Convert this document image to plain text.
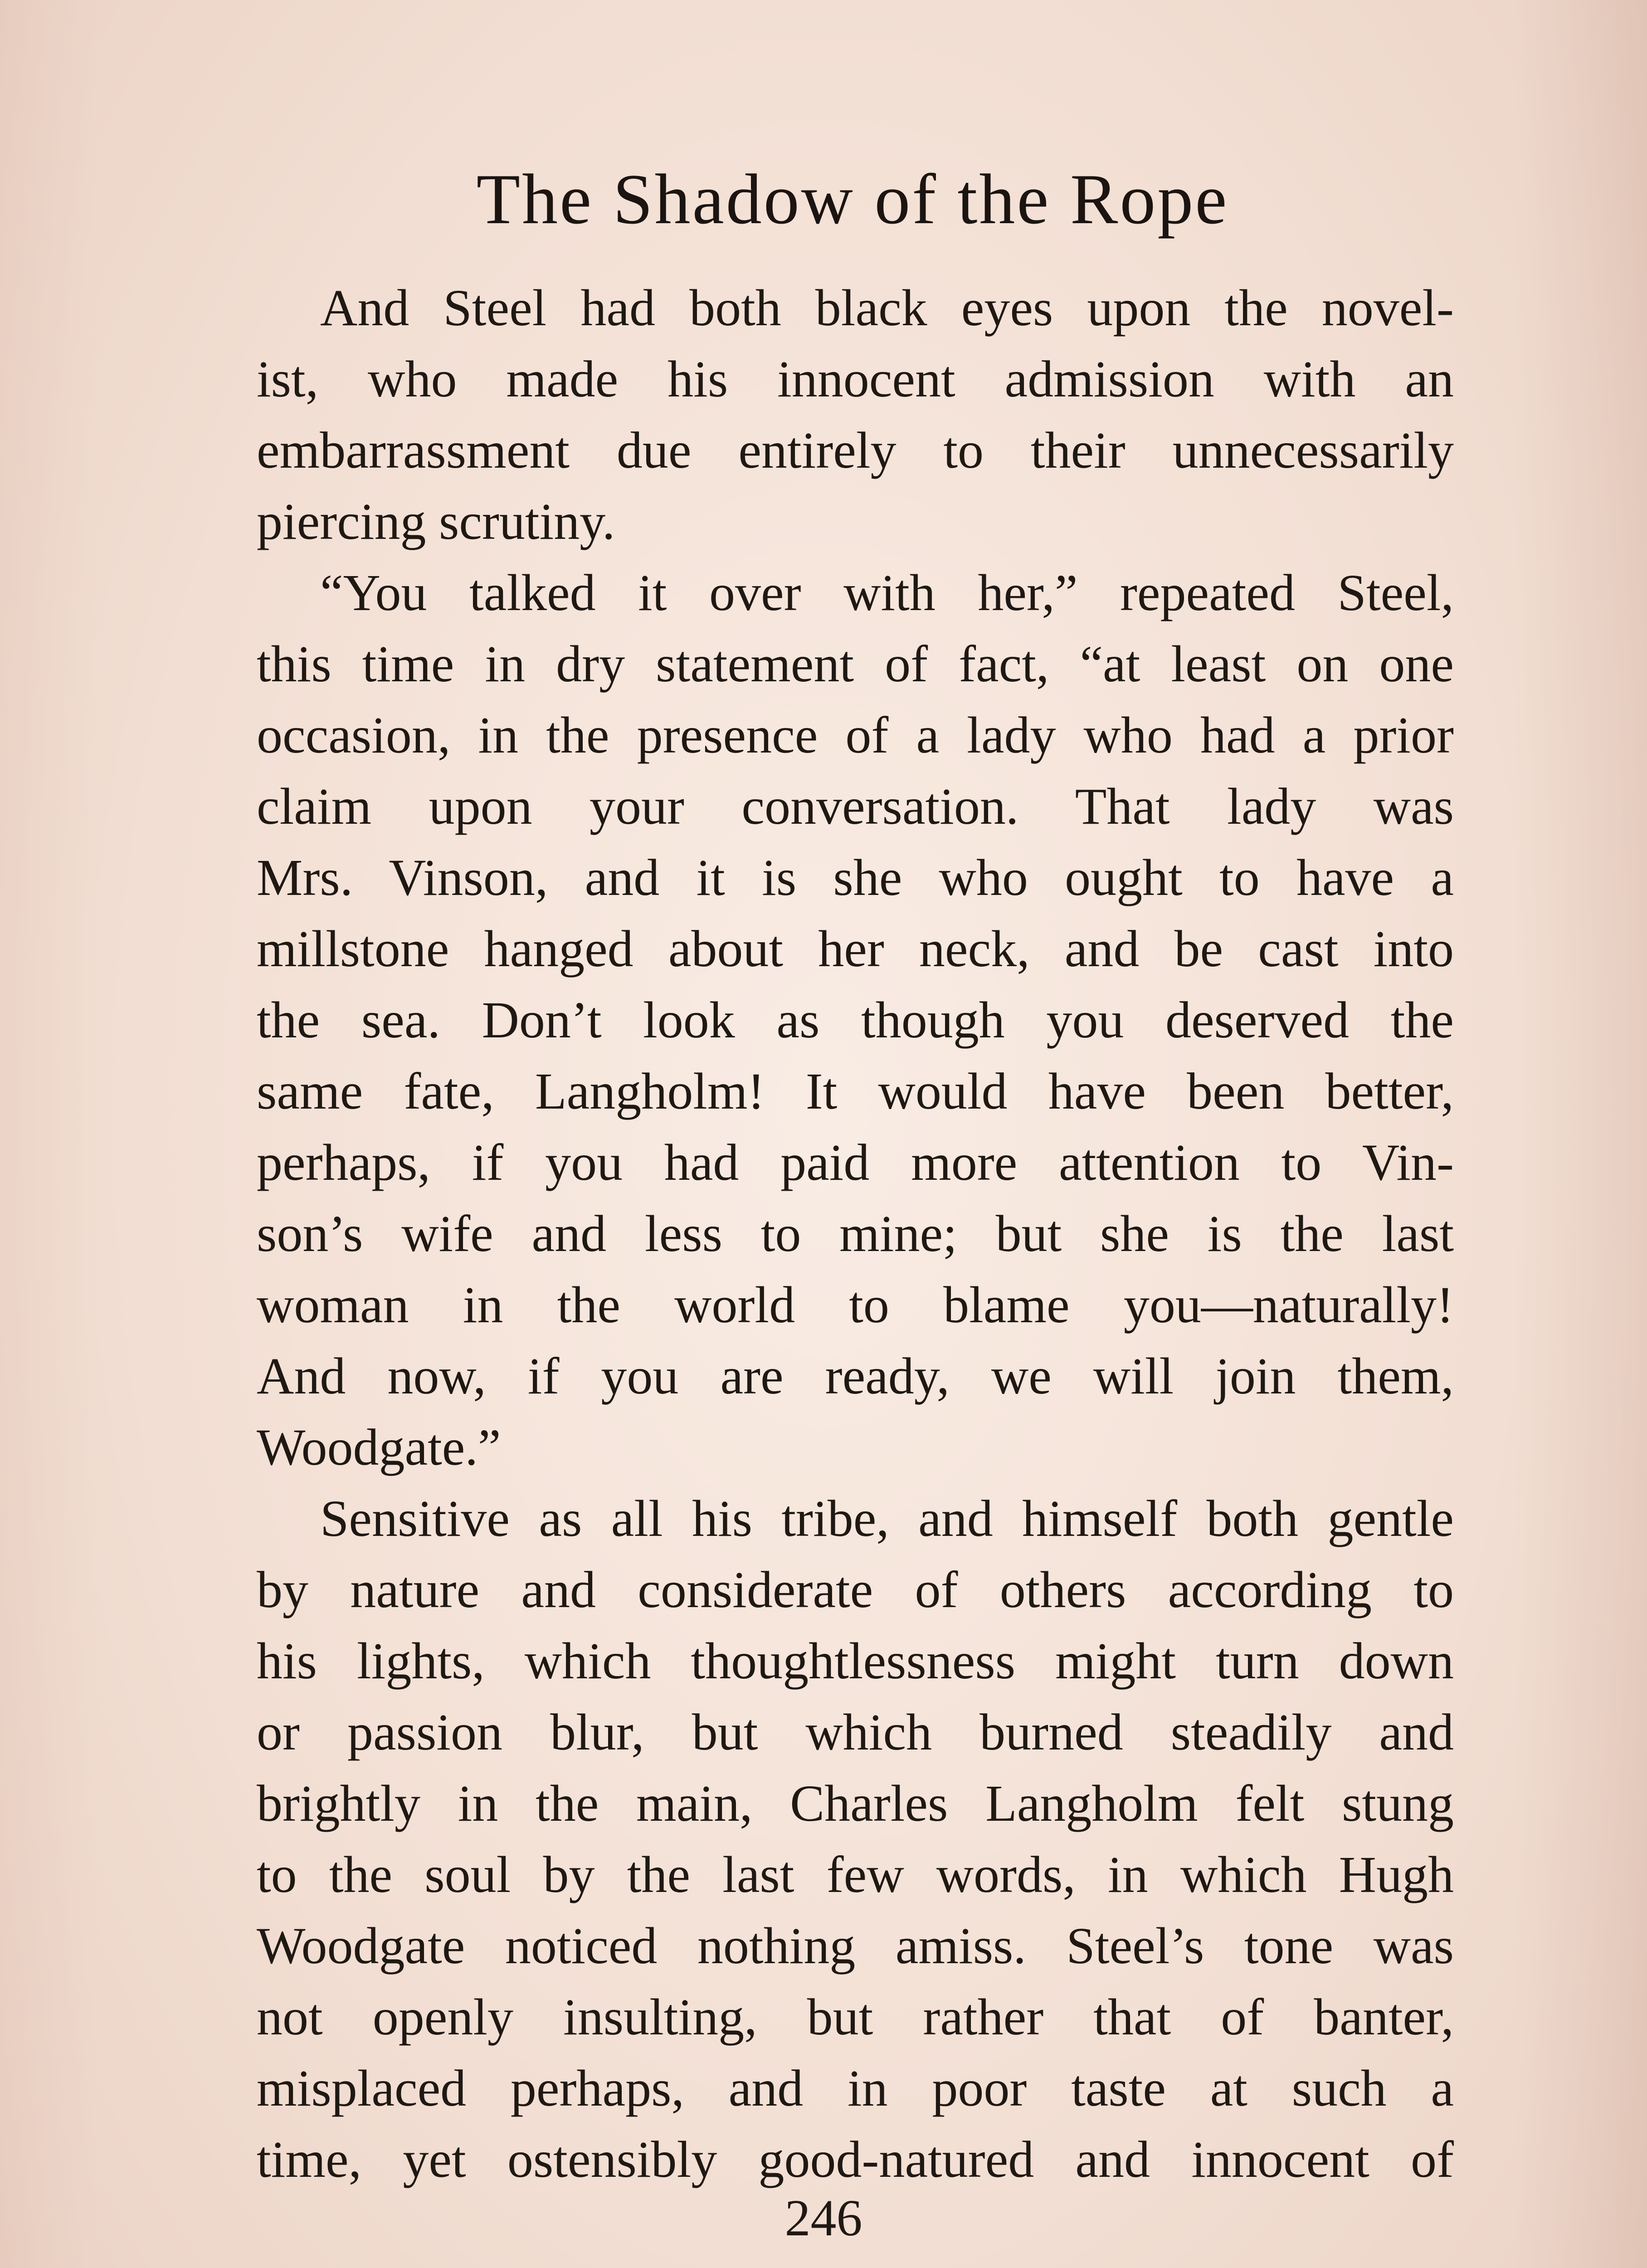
The Shadow of the Rope
And Steel had both black eyes upon the novel-
ist, who made his innocent admission with an
embarrassment due entirely to their unnecessarily
piercing scrutiny.
“You talked it over with her,” repeated Steel,
this time in dry statement of fact, “at least on one
occasion, in the presence of a lady who had a prior
claim upon your conversation. That lady was
Mrs. Vinson, and it is she who ought to have a
millstone hanged about her neck, and be cast into
the sea. Don’t look as though you deserved the
same fate, Langholm! It would have been better,
perhaps, if you had paid more attention to Vin-
son’s wife and less to mine; but she is the last
woman in the world to blame you—naturally!
And now, if you are ready, we will join them,
Woodgate.”
Sensitive as all his tribe, and himself both gentle
by nature and considerate of others according to
his lights, which thoughtlessness might turn down
or passion blur, but which burned steadily and
brightly in the main, Charles Langholm felt stung
to the soul by the last few words, in which Hugh
Woodgate noticed nothing amiss. Steel’s tone was
not openly insulting, but rather that of banter,
misplaced perhaps, and in poor taste at such a
time, yet ostensibly good-natured and innocent of
246
